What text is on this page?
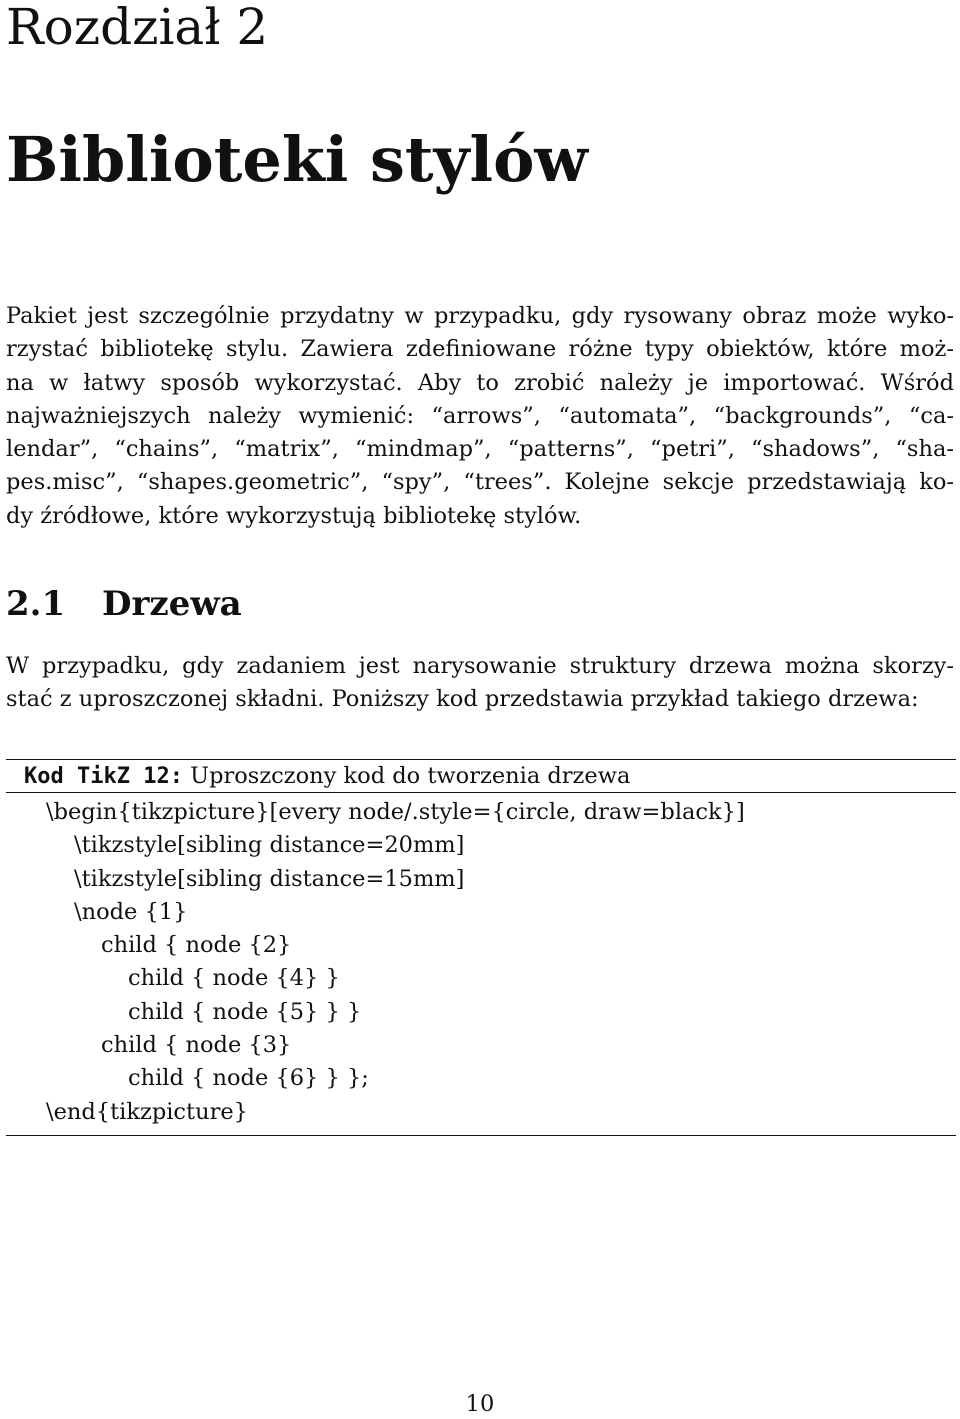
Rozdział 2
Biblioteki stylów
Pakiet jest szczególnie przydatny w przypadku, gdy rysowany obraz może wyko-
rzystać bibliotekę stylu. Zawiera zdefiniowane różne typy obiektów, które moż-
na w łatwy sposób wykorzystać. Aby to zrobić należy je importować. Wśród
najważniejszych należy wymienić: “arrows”, “automata”, “backgrounds”, “ca-
lendar”, “chains”, “matrix”, “mindmap”, “patterns”, “petri”, “shadows”, “sha-
pes.misc”, “shapes.geometric”, “spy”, “trees”. Kolejne sekcje przedstawiają ko-
dy źródłowe, które wykorzystują bibliotekę stylów.
2.1 Drzewa
W przypadku, gdy zadaniem jest narysowanie struktury drzewa można skorzy-
stać z uproszczonej składni. Poniższy kod przedstawia przykład takiego drzewa:
Kod TikZ 12: Uproszczony kod do tworzenia drzewa
\begin{tikzpicture}[every node/.style={circle, draw=black}]
\tikzstyle[sibling distance=20mm]
\tikzstyle[sibling distance=15mm]
\node {1}
child { node {2}
child { node {4} }
child { node {5} } }
child { node {3}
child { node {6} } };
\end{tikzpicture}
10
